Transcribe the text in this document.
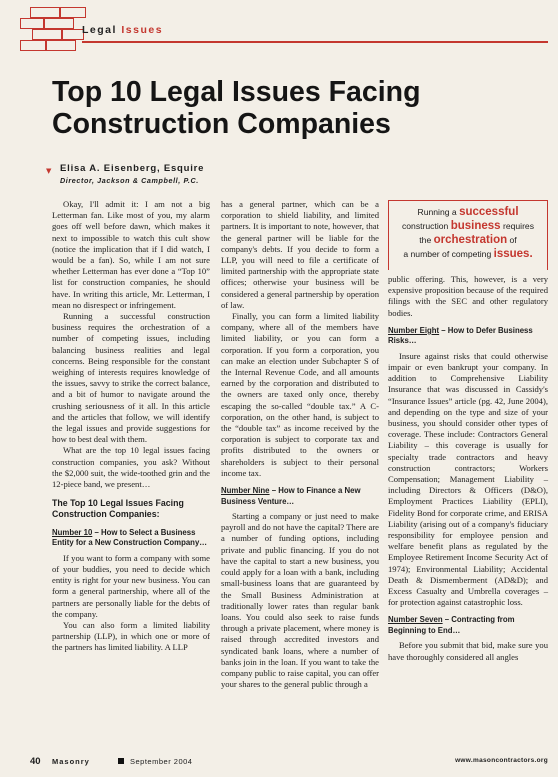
Legal Issues
Top 10 Legal Issues Facing
Construction Companies
▼ Elisa A. Eisenberg, Esquire
Director, Jackson & Campbell, P.C.

Okay, I'll admit it: I am not a big Letterman fan. Like most of you, my alarm goes off well before dawn, which makes it next to impossible to watch this cult show (notice the implication that if I did watch, I would be a fan). So, while I am not sure whether Letterman has ever done a “Top 10” list for construction companies, he should have. In writing this article, Mr. Letterman, I mean no disrespect or infringement.

Running a successful construction business requires the orchestration of a number of competing issues, including balancing business realities and legal concerns. Being responsible for the constant weighing of interests requires knowledge of the issues, savvy to strike the correct balance, and a bit of humor to navigate around the crushing seriousness of it all. In this article and the articles that follow, we will identify the legal issues and provide suggestions for how to best deal with them.

What are the top 10 legal issues facing construction companies, you ask? Without the $2,000 suit, the wide-toothed grin and the 12-piece band, we present…

The Top 10 Legal Issues Facing Construction Companies:
Number 10 – How to Select a Business Entity for a New Construction Company…

If you want to form a company with some of your buddies, you need to decide which entity is right for your new business. You can form a general partnership, where all of the partners are personally liable for the debts of the company.

You can also form a limited liability partnership (LLP), in which one or more of the partners has limited liability. A LLP

has a general partner, which can be a corporation to shield liability, and limited partners. It is important to note, however, that the general partner will be liable for the company's debts. If you decide to form a LLP, you will need to file a certificate of limited partnership with the appropriate state offices; otherwise your business will be considered a general partnership by operation of law.

Finally, you can form a limited liability company, where all of the members have limited liability, or you can form a corporation. If you form a corporation, you can make an election under Subchapter S of the Internal Revenue Code, and all amounts earned by the corporation and distributed to the owners are taxed only once, thereby escaping the so-called “double tax.” A C-corporation, on the other hand, is subject to the “double tax” as income received by the corporation is subject to corporate tax and profits distributed to the owners or shareholders is subject to their personal income tax.

Number Nine – How to Finance a New Business Venture…

Starting a company or just need to make payroll and do not have the capital? There are a number of funding options, including private and public financing. If you do not have the capital to start a new business, you could apply for a loan with a bank, including small-business loans that are guaranteed by the Small Business Administration at traditionally lower rates than regular bank loans. You could also seek to raise funds through a private placement, where money is raised through accredited investors and syndicated bank loans, where a number of banks join in the loan. If you want to take the company public to raise capital, you can offer your shares to the general public through a

Running a successful
construction business requires
the orchestration of
a number of competing issues.

public offering. This, however, is a very expensive proposition because of the required filings with the SEC and other regulatory bodies.

Number Eight – How to Defer Business Risks…

Insure against risks that could otherwise impair or even bankrupt your company. In addition to Comprehensive Liability Insurance that was discussed in Cassidy's “Insurance Issues” article (pg. 42, June 2004), and depending on the type and size of your business, you should consider other types of coverage. These include: Contractors General Liability – this coverage is usually for specialty trade contractors and heavy construction contractors; Workers Compensation; Management Liability – including Directors & Officers (D&O), Employment Practices Liability (EPLI), Fidelity Bond for corporate crime, and ERISA Liability (arising out of a company's fiduciary responsibility for employee pension and welfare benefit plans as regulated by the Employee Retirement Income Security Act of 1974); Environmental Liability; Accidental Death & Dismemberment (AD&D); and Excess Casualty and Umbrella coverages – for protection against catastrophic loss.

Number Seven – Contracting from Beginning to End…

Before you submit that bid, make sure you have thoroughly considered all angles

40 Masonry	September 2004	www.masoncontractors.org
